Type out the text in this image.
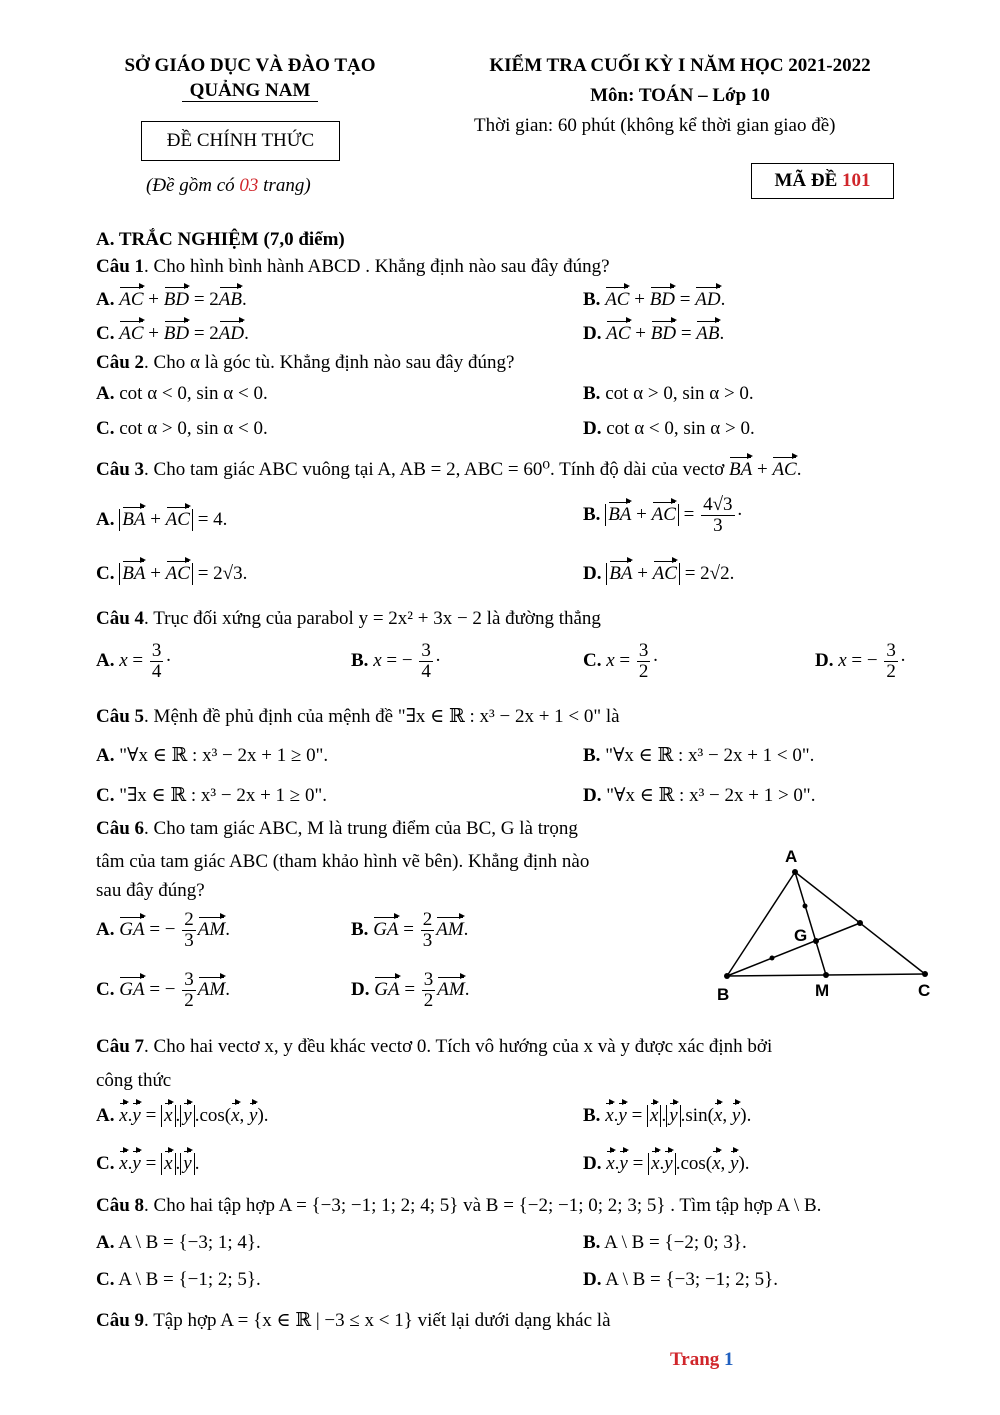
SỞ GIÁO DỤC VÀ ĐÀO TẠO
QUẢNG NAM
ĐỀ CHÍNH THỨC
(Đề gồm có 03 trang)
KIỂM TRA CUỐI KỲ I NĂM HỌC 2021-2022
Môn: TOÁN – Lớp 10
Thời gian: 60 phút (không kể thời gian giao đề)
MÃ ĐỀ 101
A. TRẮC NGHIỆM (7,0 điểm)
Câu 1. Cho hình bình hành ABCD . Khẳng định nào sau đây đúng?
A. AC + BD = 2AB.	B. AC + BD = AD.
C. AC + BD = 2AD.	D. AC + BD = AB.
Câu 2. Cho α là góc tù. Khẳng định nào sau đây đúng?
A. cot α < 0, sin α < 0.	B. cot α > 0, sin α > 0.
C. cot α > 0, sin α < 0.	D. cot α < 0, sin α > 0.
Câu 3. Cho tam giác ABC vuông tại A, AB = 2, ABC = 60⁰. Tính độ dài của vectơ BA + AC.
A. BA + AC = 4.	B. BA + AC = $\frac{4√3}{3}$ ·
C. BA + AC = 2√3.	D. BA + AC = 2√2.
Câu 4. Trục đối xứng của parabol y = 2x² + 3x − 2 là đường thẳng
A. $x = \frac{3}{4}$ ·	B. x = − $\frac{3}{4}$ ·	C. $x = \frac{3}{2}$ ·	D. x = − $\frac{3}{2}$ ·
Câu 5. Mệnh đề phủ định của mệnh đề "∃x ∈ ℝ : x³ − 2x + 1 < 0" là
A. "∀x ∈ ℝ : x³ − 2x + 1 ≥ 0".	B. "∀x ∈ ℝ : x³ − 2x + 1 < 0".
C. "∃x ∈ ℝ : x³ − 2x + 1 ≥ 0".	D. "∀x ∈ ℝ : x³ − 2x + 1 > 0".
Câu 6. Cho tam giác ABC, M là trung điểm của BC, G là trọng
tâm của tam giác ABC (tham khảo hình vẽ bên). Khẳng định nào
sau đây đúng?
A. GA = − $\frac{2}{3}$ AM.	B. GA = $\frac{2}{3}$ AM.
C. GA = − $\frac{3}{2}$ AM.	D. GA = $\frac{3}{2}$ AM.
A
B	C
M
G
Câu 7. Cho hai vectơ x, y đều khác vectơ 0. Tích vô hướng của x và y được xác định bởi
công thức
A. x.y = x . y .cos(x, y).	B. x.y = x . y .sin(x, y).
C. x.y = x . y .	D. x.y = x.y .cos(x, y).
Câu 8. Cho hai tập hợp A = {−3; −1; 1; 2; 4; 5} và B = {−2; −1; 0; 2; 3; 5} . Tìm tập hợp A \ B.
A. A \ B = {−3; 1; 4}.	B. A \ B = {−2; 0; 3}.
C. A \ B = {−1; 2; 5}.	D. A \ B = {−3; −1; 2; 5}.
Câu 9. Tập hợp A = {x ∈ ℝ | −3 ≤ x < 1} viết lại dưới dạng khác là
Trang 1
